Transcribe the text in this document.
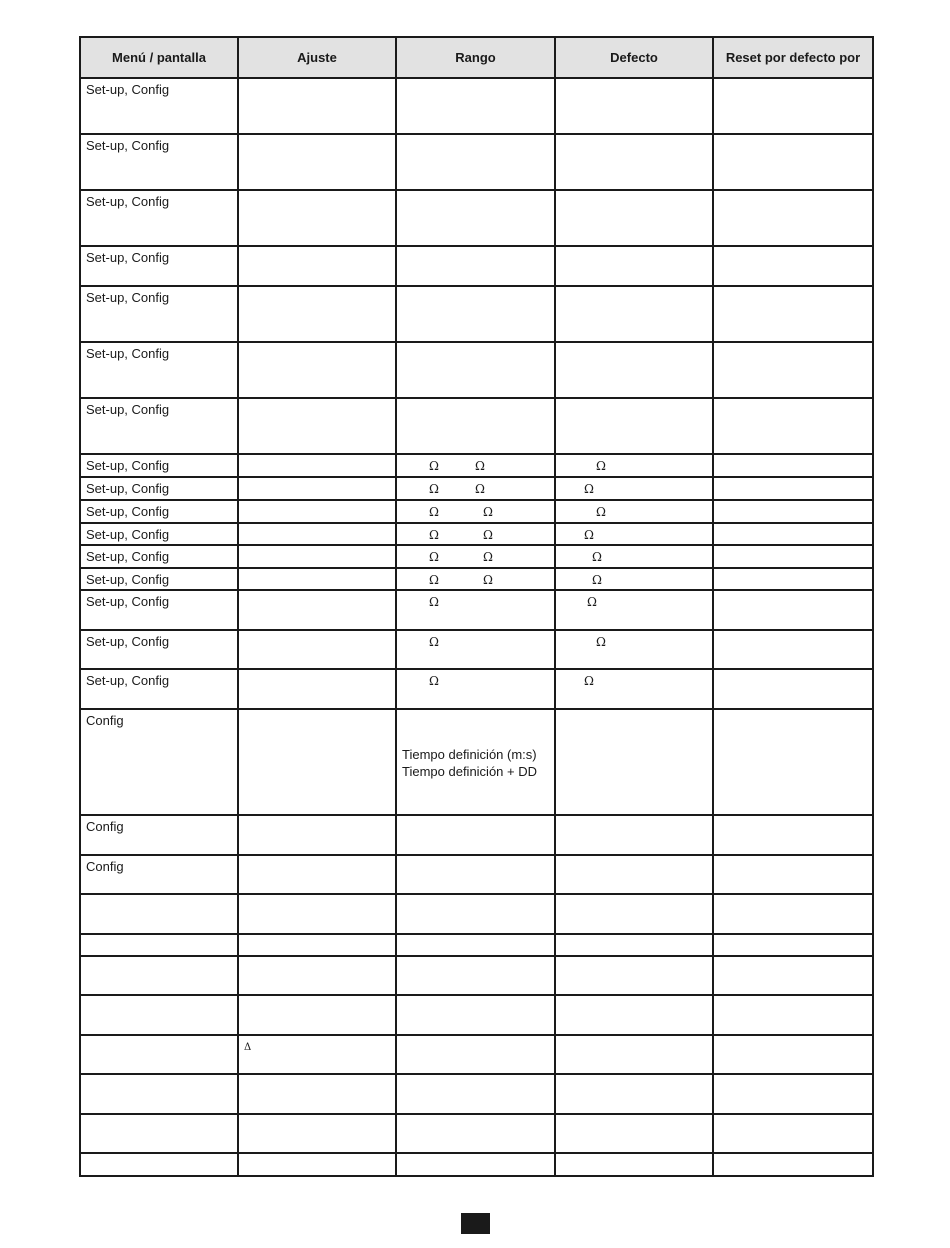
Menú / pantalla	Ajuste	Rango	Defecto	Reset por defecto por

Set-up, Config				

Set-up, Config				

Set-up, Config				

Set-up, Config				

Set-up, Config				

Set-up, Config				

Set-up, Config				

Set-up, Config		Ω Ω	Ω	

Set-up, Config		Ω Ω	Ω	

Set-up, Config		Ω Ω	Ω	

Set-up, Config		Ω Ω	Ω	

Set-up, Config		Ω Ω	Ω	

Set-up, Config		Ω Ω	Ω	

Set-up, Config		Ω	Ω	

Set-up, Config		Ω	Ω	

Set-up, Config		Ω	Ω	

Config		Tiempo definición (m:s)
Tiempo definición + DD		

Config				

Config				

	Δ			
